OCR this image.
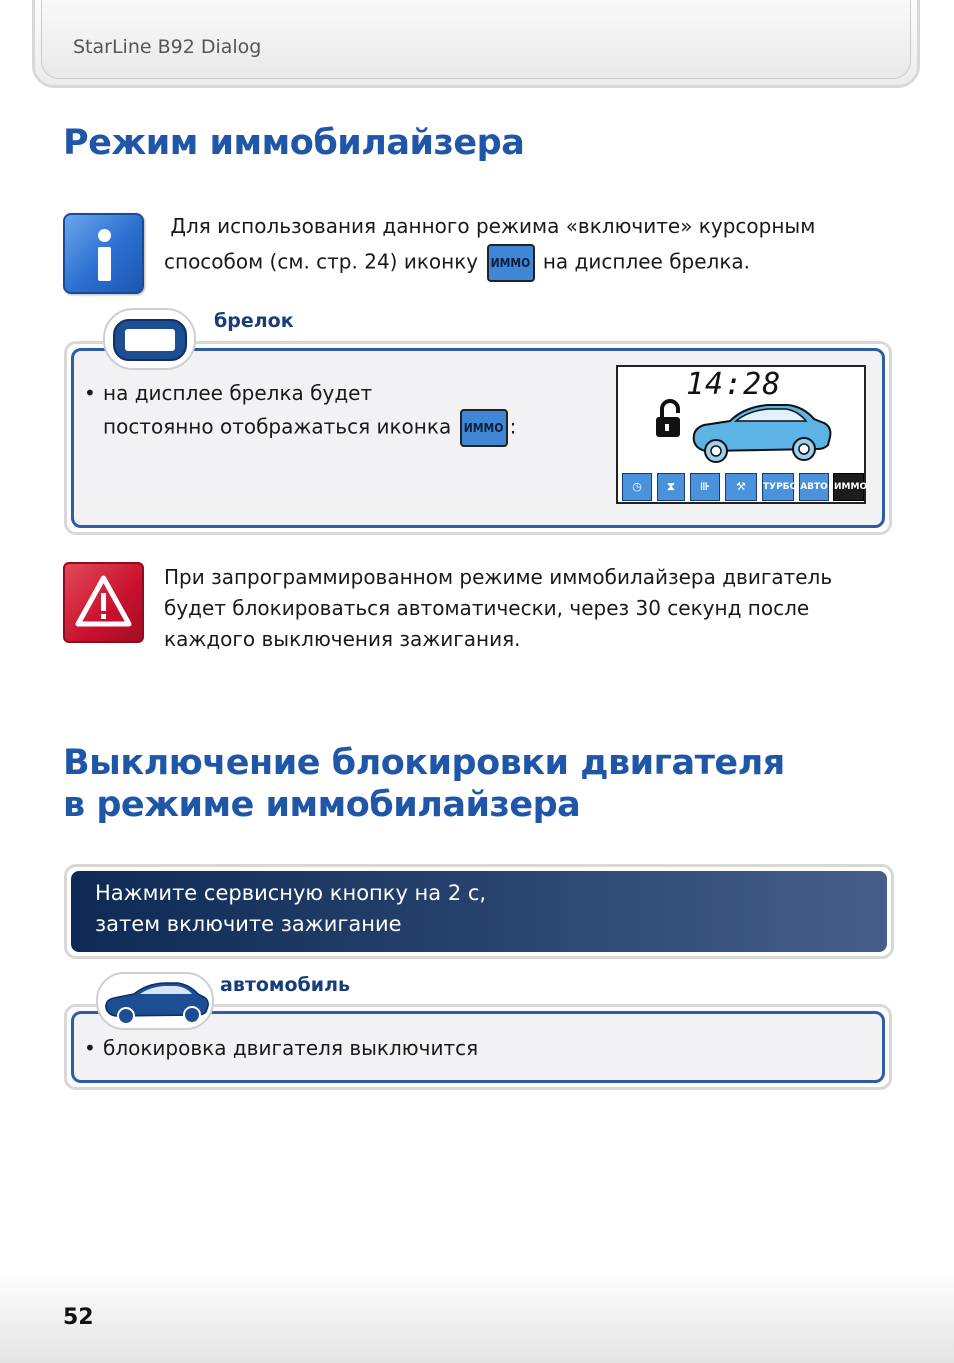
StarLine B92 Dialog
Режим иммобилайзера
Для использования данного режима «включите» курсорным
способом (см. стр. 24) иконку ИММО на дисплее брелка.
брелок
• на дисплее брелка будет
постоянно отображаться иконка ИММО :
14:28
◷	⧗	⊪	⚒	ТУРБО АВТО ИММО
При запрограммированном режиме иммобилайзера двигатель
будет блокироваться автоматически, через 30 секунд после
каждого выключения зажигания.
Выключение блокировки двигателя
в режиме иммобилайзера
Нажмите сервисную кнопку на 2 с,
затем включите зажигание
автомобиль
• блокировка двигателя выключится
52
